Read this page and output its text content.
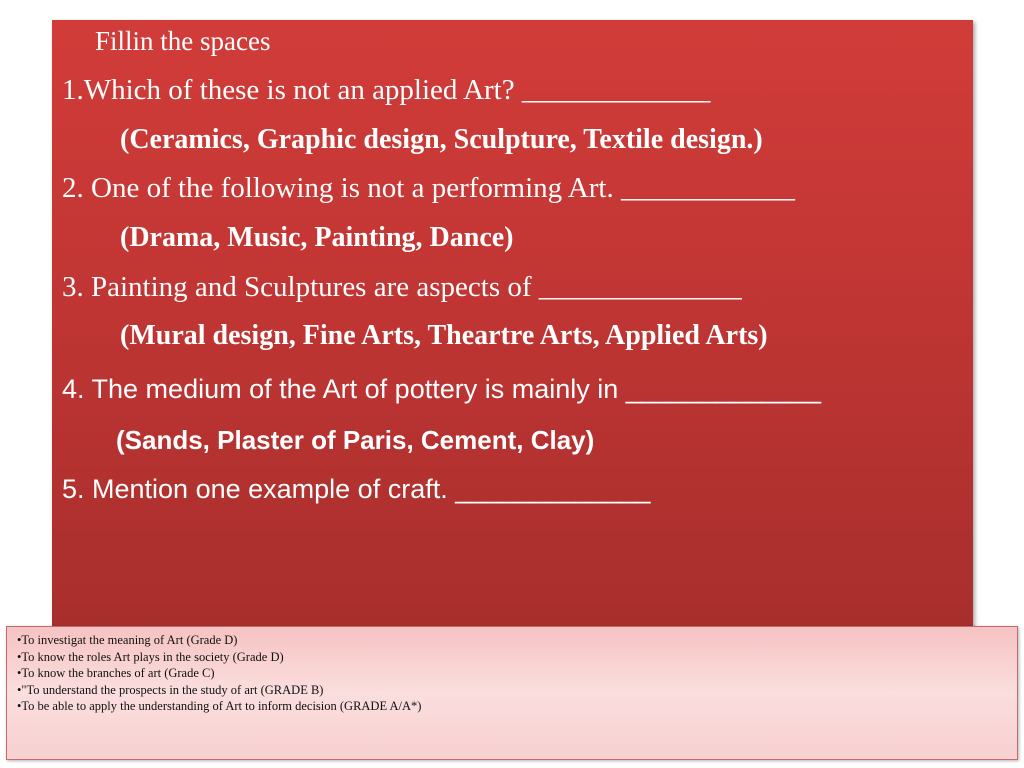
Fillin the spaces
1.Which of these is not an applied Art? _____________
(Ceramics, Graphic design, Sculpture, Textile design.)
2. One of the following is not a performing Art. ____________
(Drama, Music, Painting, Dance)
3. Painting and Sculptures are aspects of ______________
(Mural design, Fine Arts, Theartre Arts, Applied Arts)
4. The medium of the Art of pottery is mainly in _____________
(Sands, Plaster of Paris, Cement, Clay)
5. Mention one example of craft. _____________
•To investigat the meaning of Art (Grade D)
•To know the roles Art plays in the society (Grade D)
•To know the branches of art (Grade C)
•"To understand the prospects in the study of art (GRADE B)
•To be able to apply the understanding of Art to inform decision (GRADE A/A*)
